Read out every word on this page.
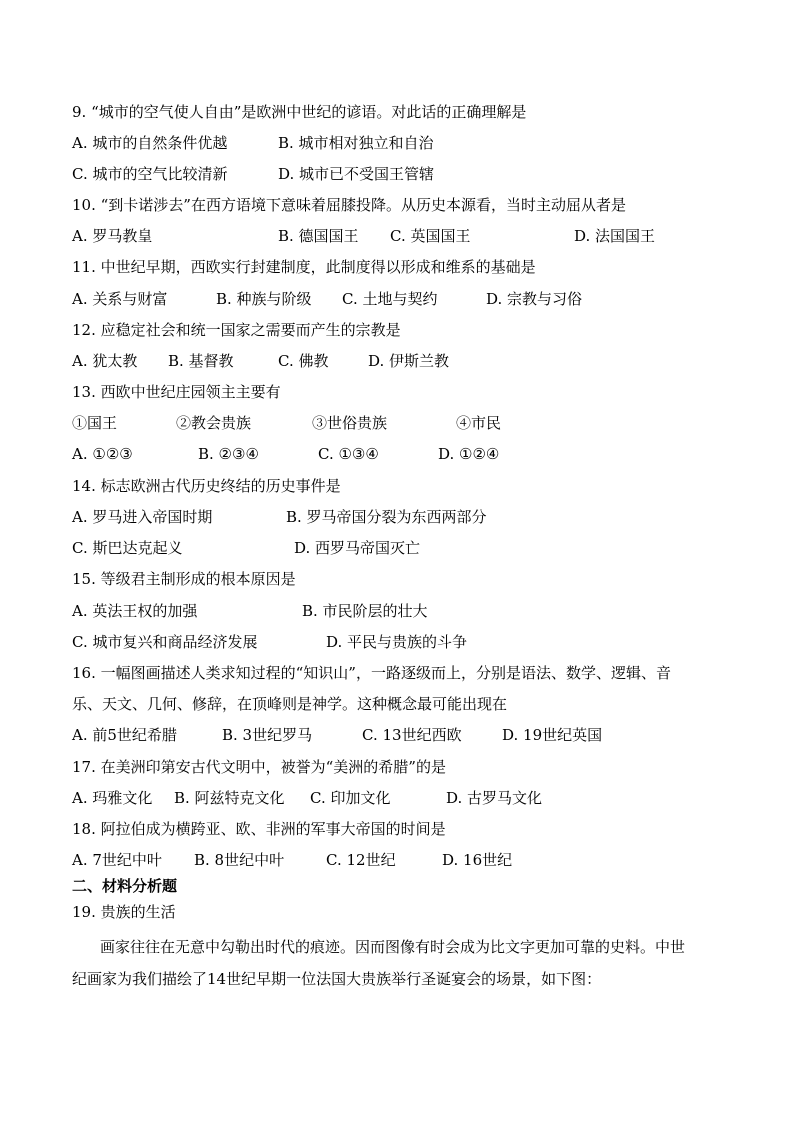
9. “城市的空气使人自由”是欧洲中世纪的谚语。对此话的正确理解是

A. 城市的自然条件优越

	B. 城市相对独立和自治

C. 城市的空气比较清新

	D. 城市已不受国王管辖

10. “到卡诺涉去”在西方语境下意味着屈膝投降。从历史本源看，当时主动屈从者是

A. 罗马教皇

	B. 德国国王

C. 英国国王

	D. 法国国王

11. 中世纪早期，西欧实行封建制度，此制度得以形成和维系的基础是

A. 关系与财富

	B. 种族与阶级

C. 土地与契约

	D. 宗教与习俗

12. 应稳定社会和统一国家之需要而产生的宗教是

A. 犹太教

B. 基督教

	C. 佛教

	D. 伊斯兰教

13. 西欧中世纪庄园领主主要有

①国王

	②教会贵族

	③世俗贵族

	④市民

A. ①②③

	B. ②③④

	C. ①③④

	D. ①②④

14. 标志欧洲古代历史终结的历史事件是

A. 罗马进入帝国时期

	B. 罗马帝国分裂为东西两部分

C. 斯巴达克起义

	D. 西罗马帝国灭亡

15. 等级君主制形成的根本原因是

A. 英法王权的加强

	B. 市民阶层的壮大

C. 城市复兴和商品经济发展

	D. 平民与贵族的斗争

16. 一幅图画描述人类求知过程的“知识山”，一路逐级而上，分别是语法、数学、逻辑、音
乐、天文、几何、修辞，在顶峰则是神学。这种概念最可能出现在

A. 前5世纪希腊

	B. 3世纪罗马

	C. 13世纪西欧

	D. 19世纪英国

17. 在美洲印第安古代文明中，被誉为“美洲的希腊”的是

A. 玛雅文化

B. 阿兹特克文化

C. 印加文化

	D. 古罗马文化

18. 阿拉伯成为横跨亚、欧、非洲的军事大帝国的时间是

A. 7世纪中叶

B. 8世纪中叶

	C. 12世纪

	D. 16世纪

二、材料分析题
19. 贵族的生活
画家往往在无意中勾勒出时代的痕迹。因而图像有时会成为比文字更加可靠的史料。中世
纪画家为我们描绘了14世纪早期一位法国大贵族举行圣诞宴会的场景，如下图：
